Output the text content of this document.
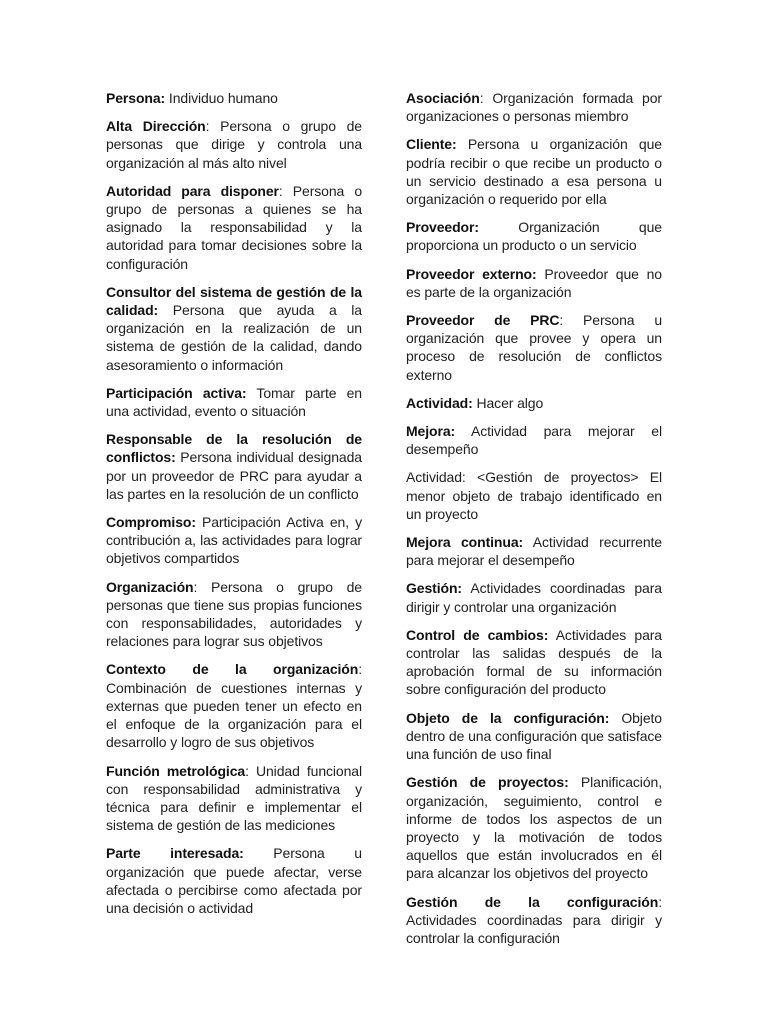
Persona: Individuo humano

Alta Dirección: Persona o grupo de personas que dirige y controla una organización al más alto nivel

Autoridad para disponer: Persona o grupo de personas a quienes se ha asignado la responsabilidad y la autoridad para tomar decisiones sobre la configuración

Consultor del sistema de gestión de la calidad: Persona que ayuda a la organización en la realización de un sistema de gestión de la calidad, dando asesoramiento o información

Participación activa: Tomar parte en una actividad, evento o situación

Responsable de la resolución de conflictos: Persona individual designada por un proveedor de PRC para ayudar a las partes en la resolución de un conflicto

Compromiso: Participación Activa en, y contribución a, las actividades para lograr objetivos compartidos

Organización: Persona o grupo de personas que tiene sus propias funciones con responsabilidades, autoridades y relaciones para lograr sus objetivos

Contexto de la organización: Combinación de cuestiones internas y externas que pueden tener un efecto en el enfoque de la organización para el desarrollo y logro de sus objetivos

Función metrológica: Unidad funcional con responsabilidad administrativa y técnica para definir e implementar el sistema de gestión de las mediciones

Parte interesada: Persona u organización que puede afectar, verse afectada o percibirse como afectada por una decisión o actividad

Asociación: Organización formada por organizaciones o personas miembro

Cliente: Persona u organización que podría recibir o que recibe un producto o un servicio destinado a esa persona u organización o requerido por ella

Proveedor: Organización que proporciona un producto o un servicio

Proveedor externo: Proveedor que no es parte de la organización

Proveedor de PRC: Persona u organización que provee y opera un proceso de resolución de conflictos externo

Actividad: Hacer algo

Mejora: Actividad para mejorar el desempeño

Actividad: <Gestión de proyectos> El menor objeto de trabajo identificado en un proyecto

Mejora continua: Actividad recurrente para mejorar el desempeño

Gestión: Actividades coordinadas para dirigir y controlar una organización

Control de cambios: Actividades para controlar las salidas después de la aprobación formal de su información sobre configuración del producto

Objeto de la configuración: Objeto dentro de una configuración que satisface una función de uso final

Gestión de proyectos: Planificación, organización, seguimiento, control e informe de todos los aspectos de un proyecto y la motivación de todos aquellos que están involucrados en él para alcanzar los objetivos del proyecto

Gestión de la configuración: Actividades coordinadas para dirigir y controlar la configuración
